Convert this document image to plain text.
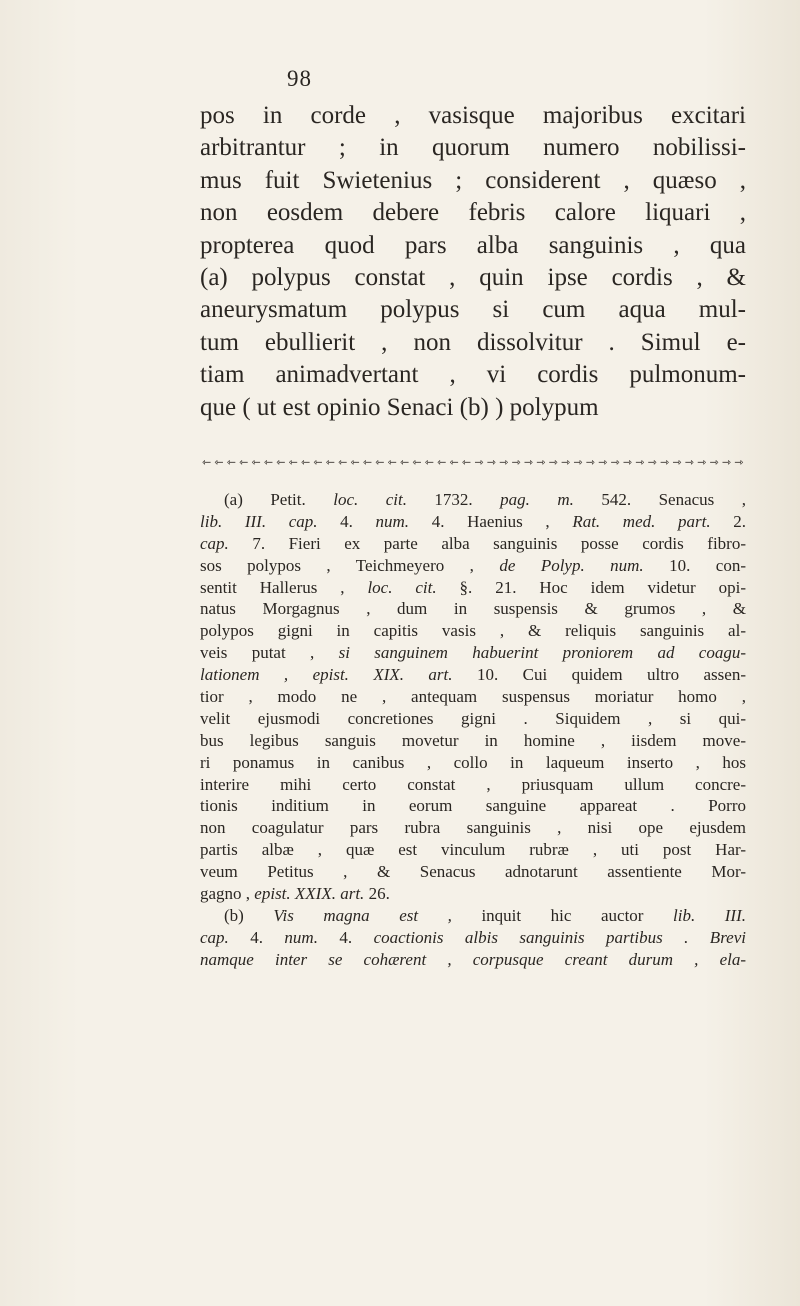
98
pos in corde , vasisque majoribus excitari
arbitrantur ; in quorum numero nobilissi-
mus fuit Swietenius ; considerent , quæso ,
non eosdem debere febris calore liquari ,
propterea quod pars alba sanguinis , qua
(a) polypus constat , quin ipse cordis , &
aneurysmatum polypus si cum aqua mul-
tum ebullierit , non dissolvitur . Simul e-
tiam animadvertant , vi cordis pulmonum-
que ( ut est opinio Senaci (b) ) polypum
⇽ ⇽ ⇽ ⇽ ⇽ ⇽ ⇽ ⇽ ⇽ ⇽ ⇽ ⇽ ⇽ ⇽ ⇽ ⇽ ⇽ ⇽ ⇽ ⇽ ⇽ ⇽ ⇾ ⇾ ⇾ ⇾ ⇾ ⇾ ⇾ ⇾ ⇾ ⇾ ⇾ ⇾ ⇾ ⇾ ⇾ ⇾ ⇾ ⇾ ⇾ ⇾ ⇾ ⇾
(a) Petit. loc. cit. 1732. pag. m. 542. Senacus ,
lib. III. cap. 4. num. 4. Haenius , Rat. med. part. 2.
cap. 7. Fieri ex parte alba sanguinis posse cordis fibro-
sos polypos , Teichmeyero , de Polyp. num. 10. con-
sentit Hallerus , loc. cit. §. 21. Hoc idem videtur opi-
natus Morgagnus , dum in suspensis & grumos , &
polypos gigni in capitis vasis , & reliquis sanguinis al-
veis putat , si sanguinem habuerint proniorem ad coagu-
lationem , epist. XIX. art. 10. Cui quidem ultro assen-
tior , modo ne , antequam suspensus moriatur homo ,
velit ejusmodi concretiones gigni . Siquidem , si qui-
bus legibus sanguis movetur in homine , iisdem move-
ri ponamus in canibus , collo in laqueum inserto , hos
interire mihi certo constat , priusquam ullum concre-
tionis inditium in eorum sanguine appareat . Porro
non coagulatur pars rubra sanguinis , nisi ope ejusdem
partis albæ , quæ est vinculum rubræ , uti post Har-
veum Petitus , & Senacus adnotarunt assentiente Mor-
gagno , epist. XXIX. art. 26.
(b) Vis magna est , inquit hic auctor lib. III.
cap. 4. num. 4. coactionis albis sanguinis partibus . Brevi
namque inter se cohærent , corpusque creant durum , ela-
